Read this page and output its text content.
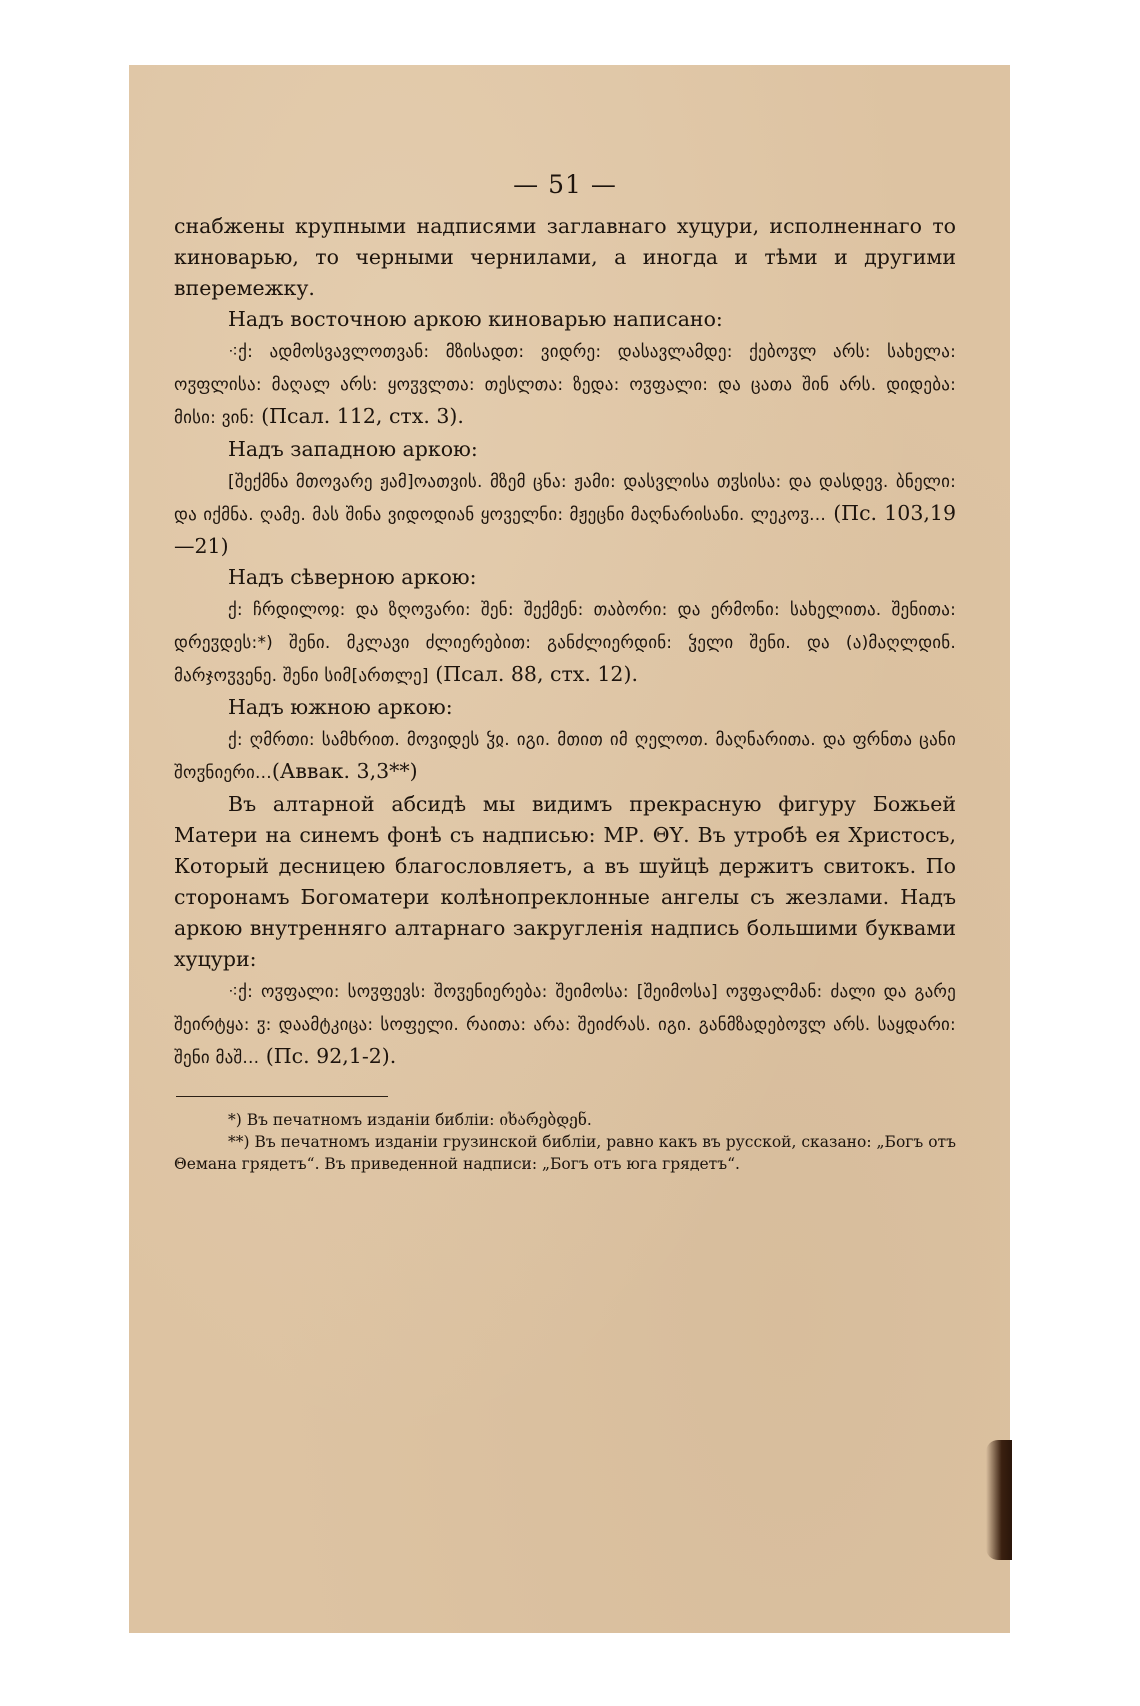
— 51 —

снабжены крупными надписями заглавнаго хуцури, исполненнаго то киноварью, то черными чернилами, а иногда и тѣми и другими вперемежку.

Надъ восточною аркою киноварью написано:

⁖ქ: ადმოსვავლოთვან: მზისადთ: ვიდრე: დასავლამდე: ქებოჳლ არს: სახელა: ოჳფლისა: მაღალ არს: ყოჳვლთა: თესლთა: ზედა: ოჳფალი: და ცათა შინ არს. დიდება: მისი: ვინ: (Псал. 112, стх. 3).

Надъ западною аркою:

[შექმნა მთოვარე ჟამ]ოათვის. მზემ ცნა: ჟამი: დასვლისა თჳსისა: და დასდევ. ბნელი: და იქმნა. ღამე. მას შინა ვიდოდიან ყოველნი: მჟეცნი მაღნარისანი. ლეკოჳ... (Пс. 103,19—21)

Надъ сѣверною аркою:

ქ: ჩრდილოჲ: და ზღოჳარი: შენ: შექმენ: თაბორი: და ერმონი: სახელითა. შენითა: დრეჳდეს:*) შენი. მკლავი ძლიერებით: განძლიერდინ: ჴელი შენი. და (ა)მაღლდინ. მარჯოჳვენე. შენი სიმ[ართლე] (Псал. 88, стх. 12).

Надъ южною аркою:

ქ: ღმრთი: სამხრით. მოვიდეს ჴჲ. იგი. მთით იმ ღელოთ. მაღნარითა. და ფრნთა ცანი შოჳნიერი...(Аввак. 3,3**)

Въ алтарной абсидѣ мы видимъ прекрасную фигуру Божьей Матери на синемъ фонѣ съ надписью: МР. ΘΥ. Въ утробѣ ея Христосъ, Который десницею благословляетъ, а въ шуйцѣ держитъ свитокъ. По сторонамъ Богоматери колѣнопреклонные ангелы съ жезлами. Надъ аркою внутренняго алтарнаго закругленія надпись большими буквами хуцури:

⁖ქ: ოჳფალი: სოჳფევს: შოჳენიერება: შეიმოსა: [შეიმოსა] ოჳფალმან: ძალი და გარე შეირტყა: ჳ: დაამტკიცა: სოფელი. რაითა: არა: შეიძრას. იგი. განმზადებოჳლ არს. საყდარი: შენი მაშ... (Пс. 92,1-2).

*) Въ печатномъ изданіи библіи: იხარებდენ.

**) Въ печатномъ изданіи грузинской библіи, равно какъ въ русской, сказано: „Богъ отъ Θемана грядетъ“. Въ приведенной надписи: „Богъ отъ юга грядетъ“.
